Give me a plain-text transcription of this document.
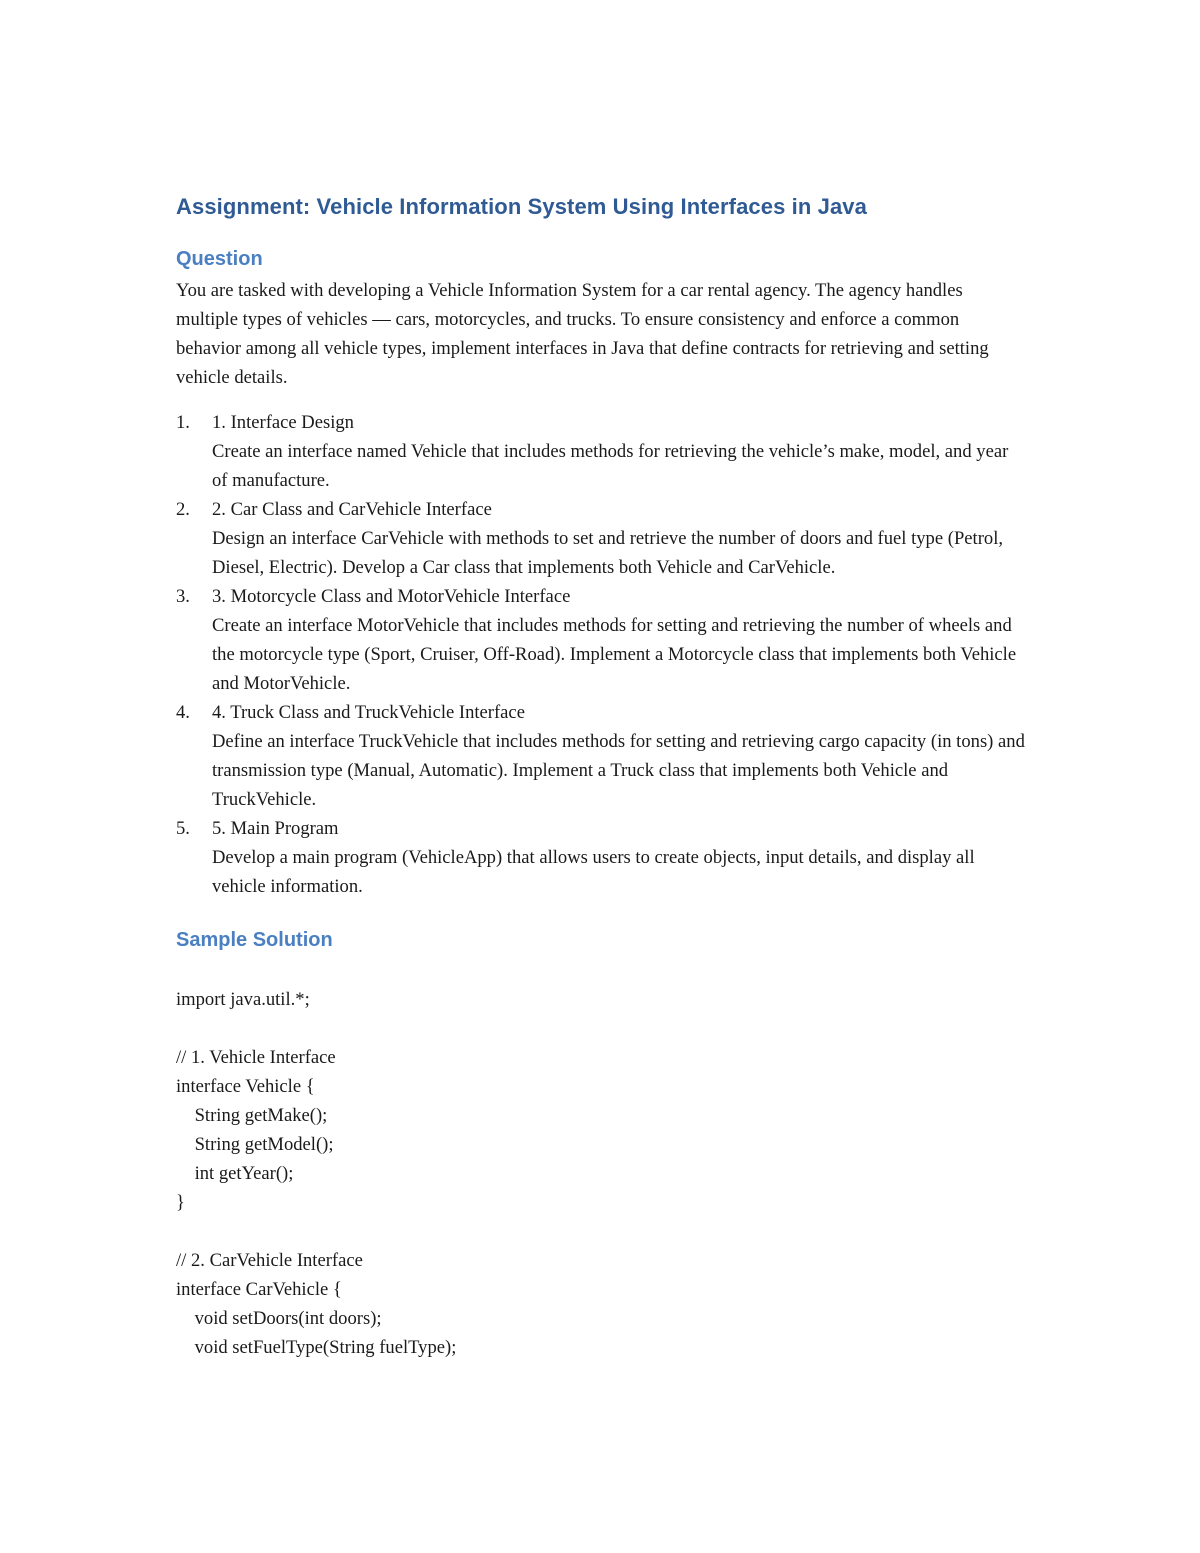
Assignment: Vehicle Information System Using Interfaces in Java
Question

You are tasked with developing a Vehicle Information System for a car rental agency. The agency handles multiple types of vehicles — cars, motorcycles, and trucks. To ensure consistency and enforce a common behavior among all vehicle types, implement interfaces in Java that define contracts for retrieving and setting vehicle details.

1. 1. Interface Design
Create an interface named Vehicle that includes methods for retrieving the vehicle’s make, model, and year of manufacture.
2. 2. Car Class and CarVehicle Interface
Design an interface CarVehicle with methods to set and retrieve the number of doors and fuel type (Petrol, Diesel, Electric). Develop a Car class that implements both Vehicle and CarVehicle.
3. 3. Motorcycle Class and MotorVehicle Interface
Create an interface MotorVehicle that includes methods for setting and retrieving the number of wheels and the motorcycle type (Sport, Cruiser, Off-Road). Implement a Motorcycle class that implements both Vehicle and MotorVehicle.
4. 4. Truck Class and TruckVehicle Interface
Define an interface TruckVehicle that includes methods for setting and retrieving cargo capacity (in tons) and transmission type (Manual, Automatic). Implement a Truck class that implements both Vehicle and TruckVehicle.
5. 5. Main Program
Develop a main program (VehicleApp) that allows users to create objects, input details, and display all vehicle information.
Sample Solution
import java.util.*;
// 1. Vehicle Interface
interface Vehicle {
String getMake();
String getModel();
int getYear();
}
// 2. CarVehicle Interface
interface CarVehicle {
void setDoors(int doors);
void setFuelType(String fuelType);
